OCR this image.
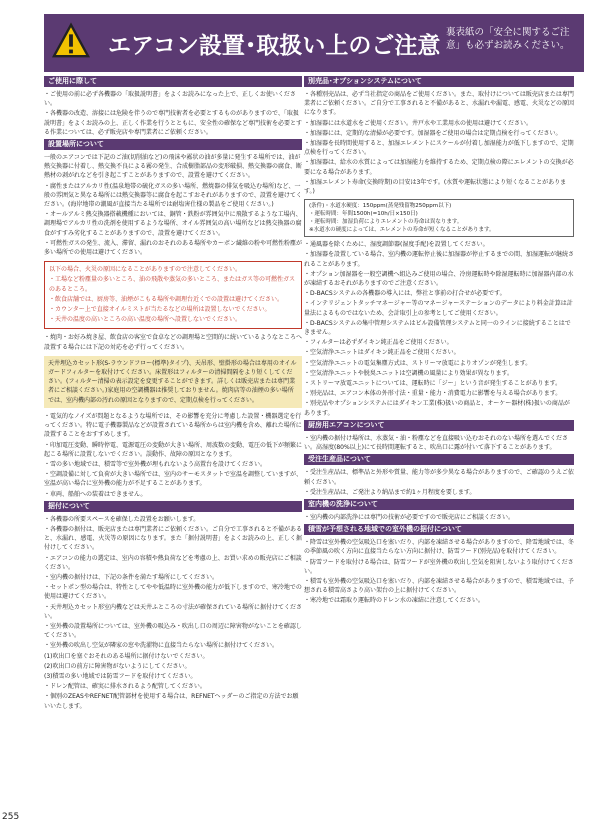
エアコン設置･取扱い上のご注意
裏表紙の「安全に関するご注意」も必ずお読みください。
ご使用に際して
・ご使用の前に必ず各機器の「取扱説明書」をよくお読みになった上で、正しくお使いください。
・各機器の改造、溶接には危険を伴うので専門技術者を必要とするものがありますので、「取扱説明書」をよくお読みの上、正しく作業を行うとともに、安全性の確保など専門技術を必要とする作業については、必ず販売店や専門業者にご依頼ください。
設置場所について
一般のエアコンでは下記のご油(切削油など)の飛沫や霧状の油が多量に発生する場所では、油が熱交換器に付着し、熱交換不良による霧の発生、合成樹脂部品の変形破損、熱交換器の腐食、断熱材の剥がれなどを引き起こすことがありますので、設置を避けてください。
・腐性またはアルカリ性(温泉地帯の硫化ガスの多い場所、燃焼器の排気を吸込む場所)など、一般の雰囲気と異なる場所には熱交換器等に腐食を起こすおそれがありますので、設置を避けてください。(海岸地帯の潮風が直接当たる場所では耐塩害仕様の製品をご使用ください。)
・オールアルミ熱交換器搭載機種においては、銅管・鉄粉が雰囲気中に飛散するような工場内、調理場でアルカリ性の洗剤を使用するような場所、オイル雰囲気の高い場所などは熱交換器の腐食がすすみ劣化することがありますので、設置を避けてください。
・可燃性ガスの発生、流入、滞留、漏れのおそれのある場所やカーボン繊維の粉や可燃性粉塵が多い場所での使用は避けてください。
以下の場合、火災の原因になることがありますので注意してください。
・工場など粉塵量の多いところ、油の飛散や蒸気の多いところ、またはガス等の可燃性ガスのあるところ。
・飲食店舗では、厨房等、油煙がこもる場所や調理台近くでの設置は避けてください。
・カウンター上で直接オイルミストが当たるなどの場所は設置しないでください。
・天井の温度の高いところの高い温度の場所へ設置しないでください。
・焼肉・お好み焼き屋、飲食店の客室で食卓などの調理場と空間的に続いているようなところへ設置する場合には下記の対応を必ず行ってください。
天井埋込カセット形(S-ラウンドフロー(標準)タイプ)、天吊形、壁掛形の場合は専用のオイルガードフィルターを取付けてください。床置形はフィルターの清掃間隔をより短くしてください。(フィルター清掃の表示設定を変更することができます。詳しくは販売店または専門業者にご相談ください。)家庭用の空調機器は推奨しておりません。焼肉店等の油煙の多い場所では、室内機内部の汚れの原因となりますので、定期点検を行ってください。
・電気的なノイズが問題となるような場所では、その影響を充分に考慮した設置・機器選定を行ってください。特に電子機器製品などが設置されている場所からは室内機を含め、離れた場所に設置することをおすすめします。
・印加電圧変動、瞬時停電、電源電圧の変動が大きい場所、周波数の変動、電圧の低下が頻繁に起こる場所に設置しないでください。誤動作、故障の原因となります。
・雪の多い地域では、積雪等で室外機が埋もれないよう高置台を設けてください。
・空調設備に対して負荷が大きい場所では、室内のサーモスタットで室温を調整していますが、室温が高い場合に室外機の能力が不足することがあります。
・車両、船舶への装着はできません。
据付について
・各機器の所要スペースを確保した設置をお願いします。
・各機器の据付は、販売店または専門業者にご依頼ください。ご自分で工事されると不備があると、水漏れ、感電、火災等の原因になります。また「据付説明書」をよくお読みの上、正しく据付けしてください。
・エアコンの能力の選定は、室内の容積や熱負荷などを考慮の上、お買い求めの販売店にご相談ください。
・室内機の据付けは、下記の条件を満たす場所にしてください。
・セットポン型の場合は、特性としてやや低温時に室外機の能力が低下しますので、寒冷地での使用は避けてください。
・天井埋込カセット形室内機などは天井ふところの寸法が確保されている場所に据付けてください。
・室外機の設置場所については、室外機の吸込み・吹出し口の周辺に障害物がないことを確認してください。
・室外機の吹出し空気が隣家の窓や洗濯物に直接当たらない場所に据付けてください。
(1)吹出口を塞ぐおそれのある場所に据付けないでください。
(2)吹出口の前方に障害物がないようにしてください。
(3)積雪の多い地域では防雪フードを取付けてください。
・ドレン配管は、確実に排水されるよう配管してください。
・個別のZEASやREFNET配管部材を使用する場合は、REFNETヘッダーのご指定の方法でお願いいたします。
別売品･オプションシステムについて
・各種別売品は、必ず当社指定の商品をご使用ください。また、取付けについては販売店または専門業者にご依頼ください。ご自分で工事されると不備があると、水漏れや漏電、感電、火災などの原因になります。
・加湿器には水道水をご使用ください。井戸水や工業用水の使用は避けてください。
・加湿器には、定期的な清掃が必要です。加湿器をご使用の場合は定期点検を行ってください。
・加湿器を長時間使用すると、加湿エレメントにスケールが付着し加湿能力が低下しますので、定期点検を行ってください。
・加湿器は、給水の水質によっては加湿能力を維持するため、定期点検の際にエレメントの交換が必要になる場合があります。
・加湿エレメント寿命(交換時期)の目安は3年です。(水質や運転状態により短くなることがあります。)
(条件)・水道水硬度：150ppm(蒸発残留物250ppm以下)
・運転時間：年間1500h(=10h/日×150日)
・運転時間：加湿負荷によりエレメントの寿命は異なります。
※水道水の硬度によっては、エレメントの寿命が短くなることがあります。
・通風器を除くために、湿度調節器(湿度手配)を設置してください。
・加湿器を設置している場合、室内機の運転停止後に加湿器が停止するまでの間、加湿運転が継続されることがあります。
・オプション加湿器を一般空調機へ組込みご使用の場合、冷房運転時や除湿運転時に加湿器内部の水が凍結するおそれがありますのでご注意ください。
・D-BACSシステムの各機器の導入には、弊社と事前の打合せが必要です。
・インテリジェントタッチマネージャー等のマネージャーステーションのデータにより料金計算は計量法によるものではないため、会計取引上の参考としてご使用ください。
・D-BACSシステムの集中管理システムはビル設備管理システムと同一のラインに接続することはできません。
・フィルターは必ずダイキン純正品をご使用ください。
・空気清浄ユニットはダイキン純正品をご使用ください。
・空気清浄ユニットの電気集塵方式は、ストリーマ放電によりオゾンが発生します。
・空気清浄ユニットや脱臭ユニットは空調機の風量により効果が異なります。
・ストリーマ放電ユニットについては、運転時に「ジー」という音が発生することがあります。
・別売品は、エアコン本体の外形寸法・重量・能力・消費電力に影響を与える場合があります。
・別売品やオプションシステムにはダイキン工業(株)扱いの商品と、オーケー器材(株)扱いの商品があります。
厨房用エアコンについて
・室内機の据付け場所は、水蒸気・油・粉塵などを直接吸い込むおそれのない場所を選んでください。高湿度(80%以上)にて長時間運転すると、吹出口に露が付いて落下することがあります。
受注生産品について
・受注生産品は、標準品と外形や質量、能力等が多少異なる場合がありますので、ご確認のうえご依頼ください。
・受注生産品は、ご発注より納品まで約1ヶ月程度を要します。
室内機の洗浄について
・室内機の内部洗浄には専門の技術が必要ですので販売店にご相談ください。
積雪が予想される地域での室外機の据付について
・降雪は室外機の空気吸込口を塞いだり、内部を凍結させる場合がありますので、降雪地域では、冬の季節風の吹く方向に直接当たらない方向に据付け、防雪フード(別売品)を取付けてください。
・防雪フードを取付ける場合は、防雪フードが室外機の吹出し空気を阻害しないよう取付けてください。
・積雪も室外機の空気吸込口を塞いだり、内部を凍結させる場合がありますので、積雪地域では、予想される積雪高さより高い架台の上に据付けてください。
・寒冷地では霜取り運転時のドレン水の凍結に注意してください。
255
